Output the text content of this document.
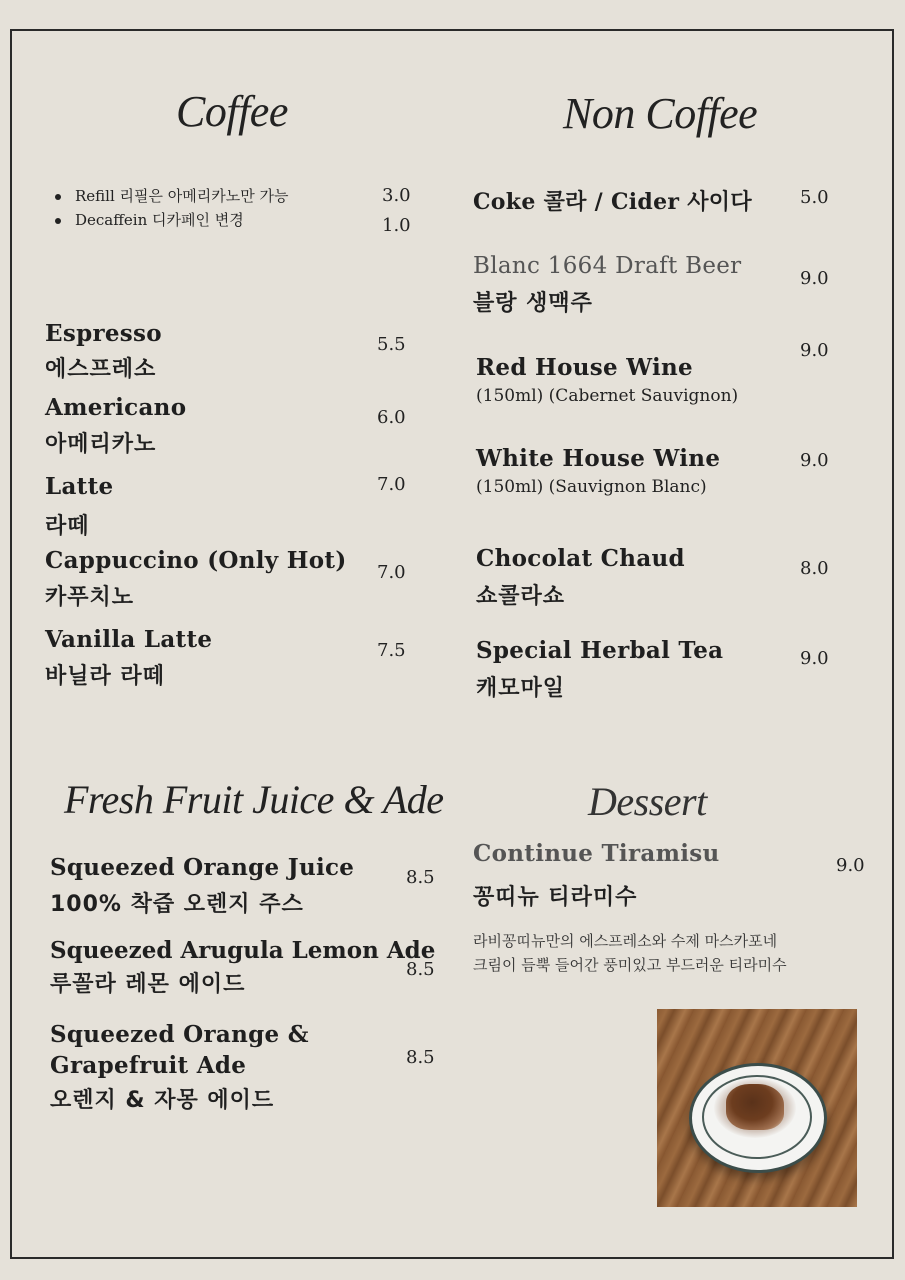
Coffee
Refill 리필은 아메리카노만 가능	3.0
Decaffein 디카페인 변경	1.0
Espresso
에스프레소
5.5
Americano
아메리카노
6.0
Latte
라떼
7.0
Cappuccino (Only Hot)
카푸치노
7.0
Vanilla Latte
바닐라 라떼
7.5
Non Coffee
Coke 콜라 / Cider 사이다	5.0
Blanc 1664 Draft Beer
블랑 생맥주
9.0
Red House Wine
(150ml) (Cabernet Sauvignon)
9.0
White House Wine
(150ml) (Sauvignon Blanc)
9.0
Chocolat Chaud
쇼콜라쇼
8.0
Special Herbal Tea
캐모마일
9.0
Fresh Fruit Juice & Ade
Squeezed Orange Juice
100% 착즙 오렌지 주스
8.5
Squeezed Arugula Lemon Ade
루꼴라 레몬 에이드
8.5
Squeezed Orange &
Grapefruit Ade
오렌지 & 자몽 에이드
8.5
Dessert
Continue Tiramisu
꽁띠뉴 티라미수
9.0
라비꽁띠뉴만의 에스프레소와 수제 마스카포네
크림이 듬뿍 들어간 풍미있고 부드러운 티라미수
